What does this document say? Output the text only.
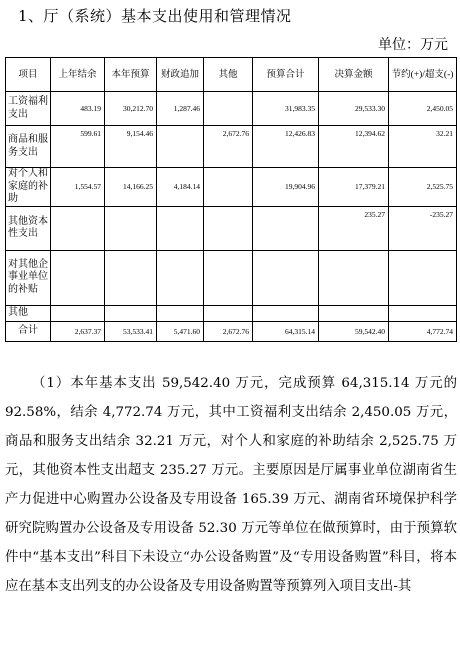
1、厅（系统）基本支出使用和管理情况
单位：万元
项目	上年结余	本年预算	财政追加	其他	预算合计	决算金额	节约(+)/超支(-)
工资福利支出	483.19	30,212.70	1,287.46		31,983.35	29,533.30	2,450.05
商品和服务支出	599.61	9,154.46		2,672.76	12,426.83	12,394.62	32.21
对个人和家庭的补助	1,554.57	14,166.25	4,184.14		19,904.96	17,379.21	2,525.75
其他资本性支出						235.27	-235.27
对其他企事业单位的补贴							
其他							
合计	2,637.37	53,533.41	5,471.60	2,672.76	64,315.14	59,542.40	4,772.74

（1）本年基本支出 59,542.40 万元，完成预算 64,315.14 万元的 92.58%，结余 4,772.74 万元，其中工资福利支出结余 2,450.05 万元，商品和服务支出结余 32.21 万元，对个人和家庭的补助结余 2,525.75 万元，其他资本性支出超支 235.27 万元。主要原因是厅属事业单位湖南省生产力促进中心购置办公设备及专用设备 165.39 万元、湖南省环境保护科学研究院购置办公设备及专用设备 52.30 万元等单位在做预算时，由于预算软件中“基本支出”科目下未设立“办公设备购置”及“专用设备购置”科目，将本应在基本支出列支的办公设备及专用设备购置等预算列入项目支出-其
